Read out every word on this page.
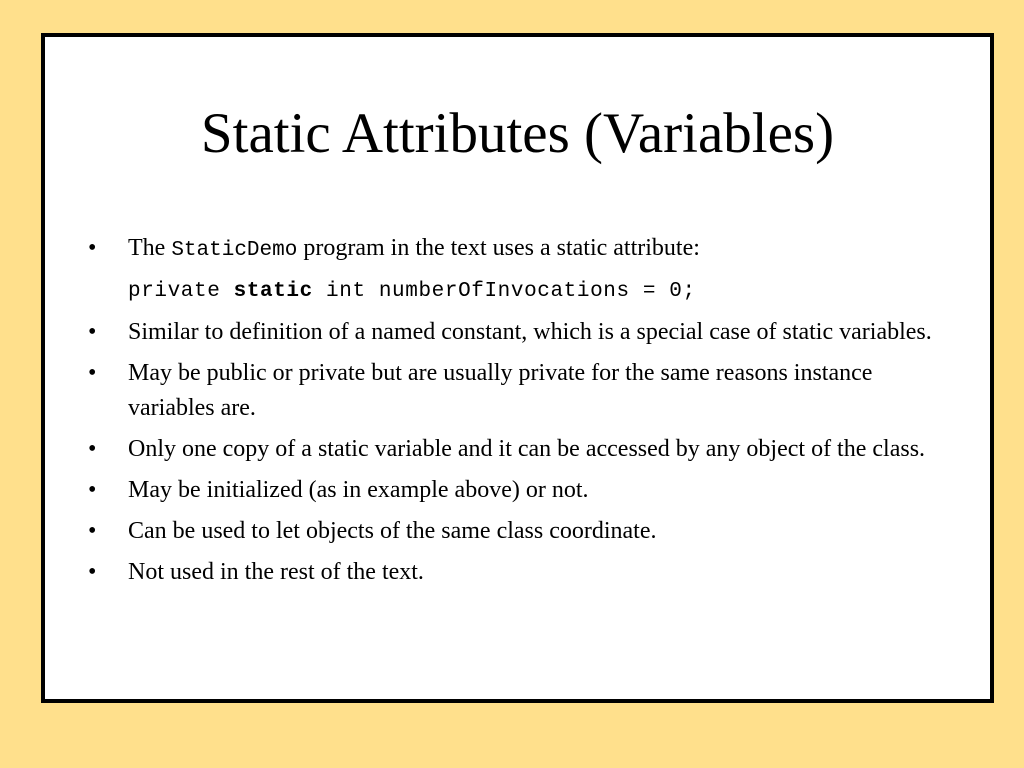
Static Attributes (Variables)
•	The StaticDemo program in the text uses a static attribute:
private static int numberOfInvocations = 0;
•	Similar to definition of a named constant, which is a special case of static variables.
•	May be public or private but are usually private for the same reasons instance variables are.
•	Only one copy of a static variable and it can be accessed by any object of the class.
•	May be initialized (as in example above) or not.
•	Can be used to let objects of the same class coordinate.
•	Not used in the rest of the text.
